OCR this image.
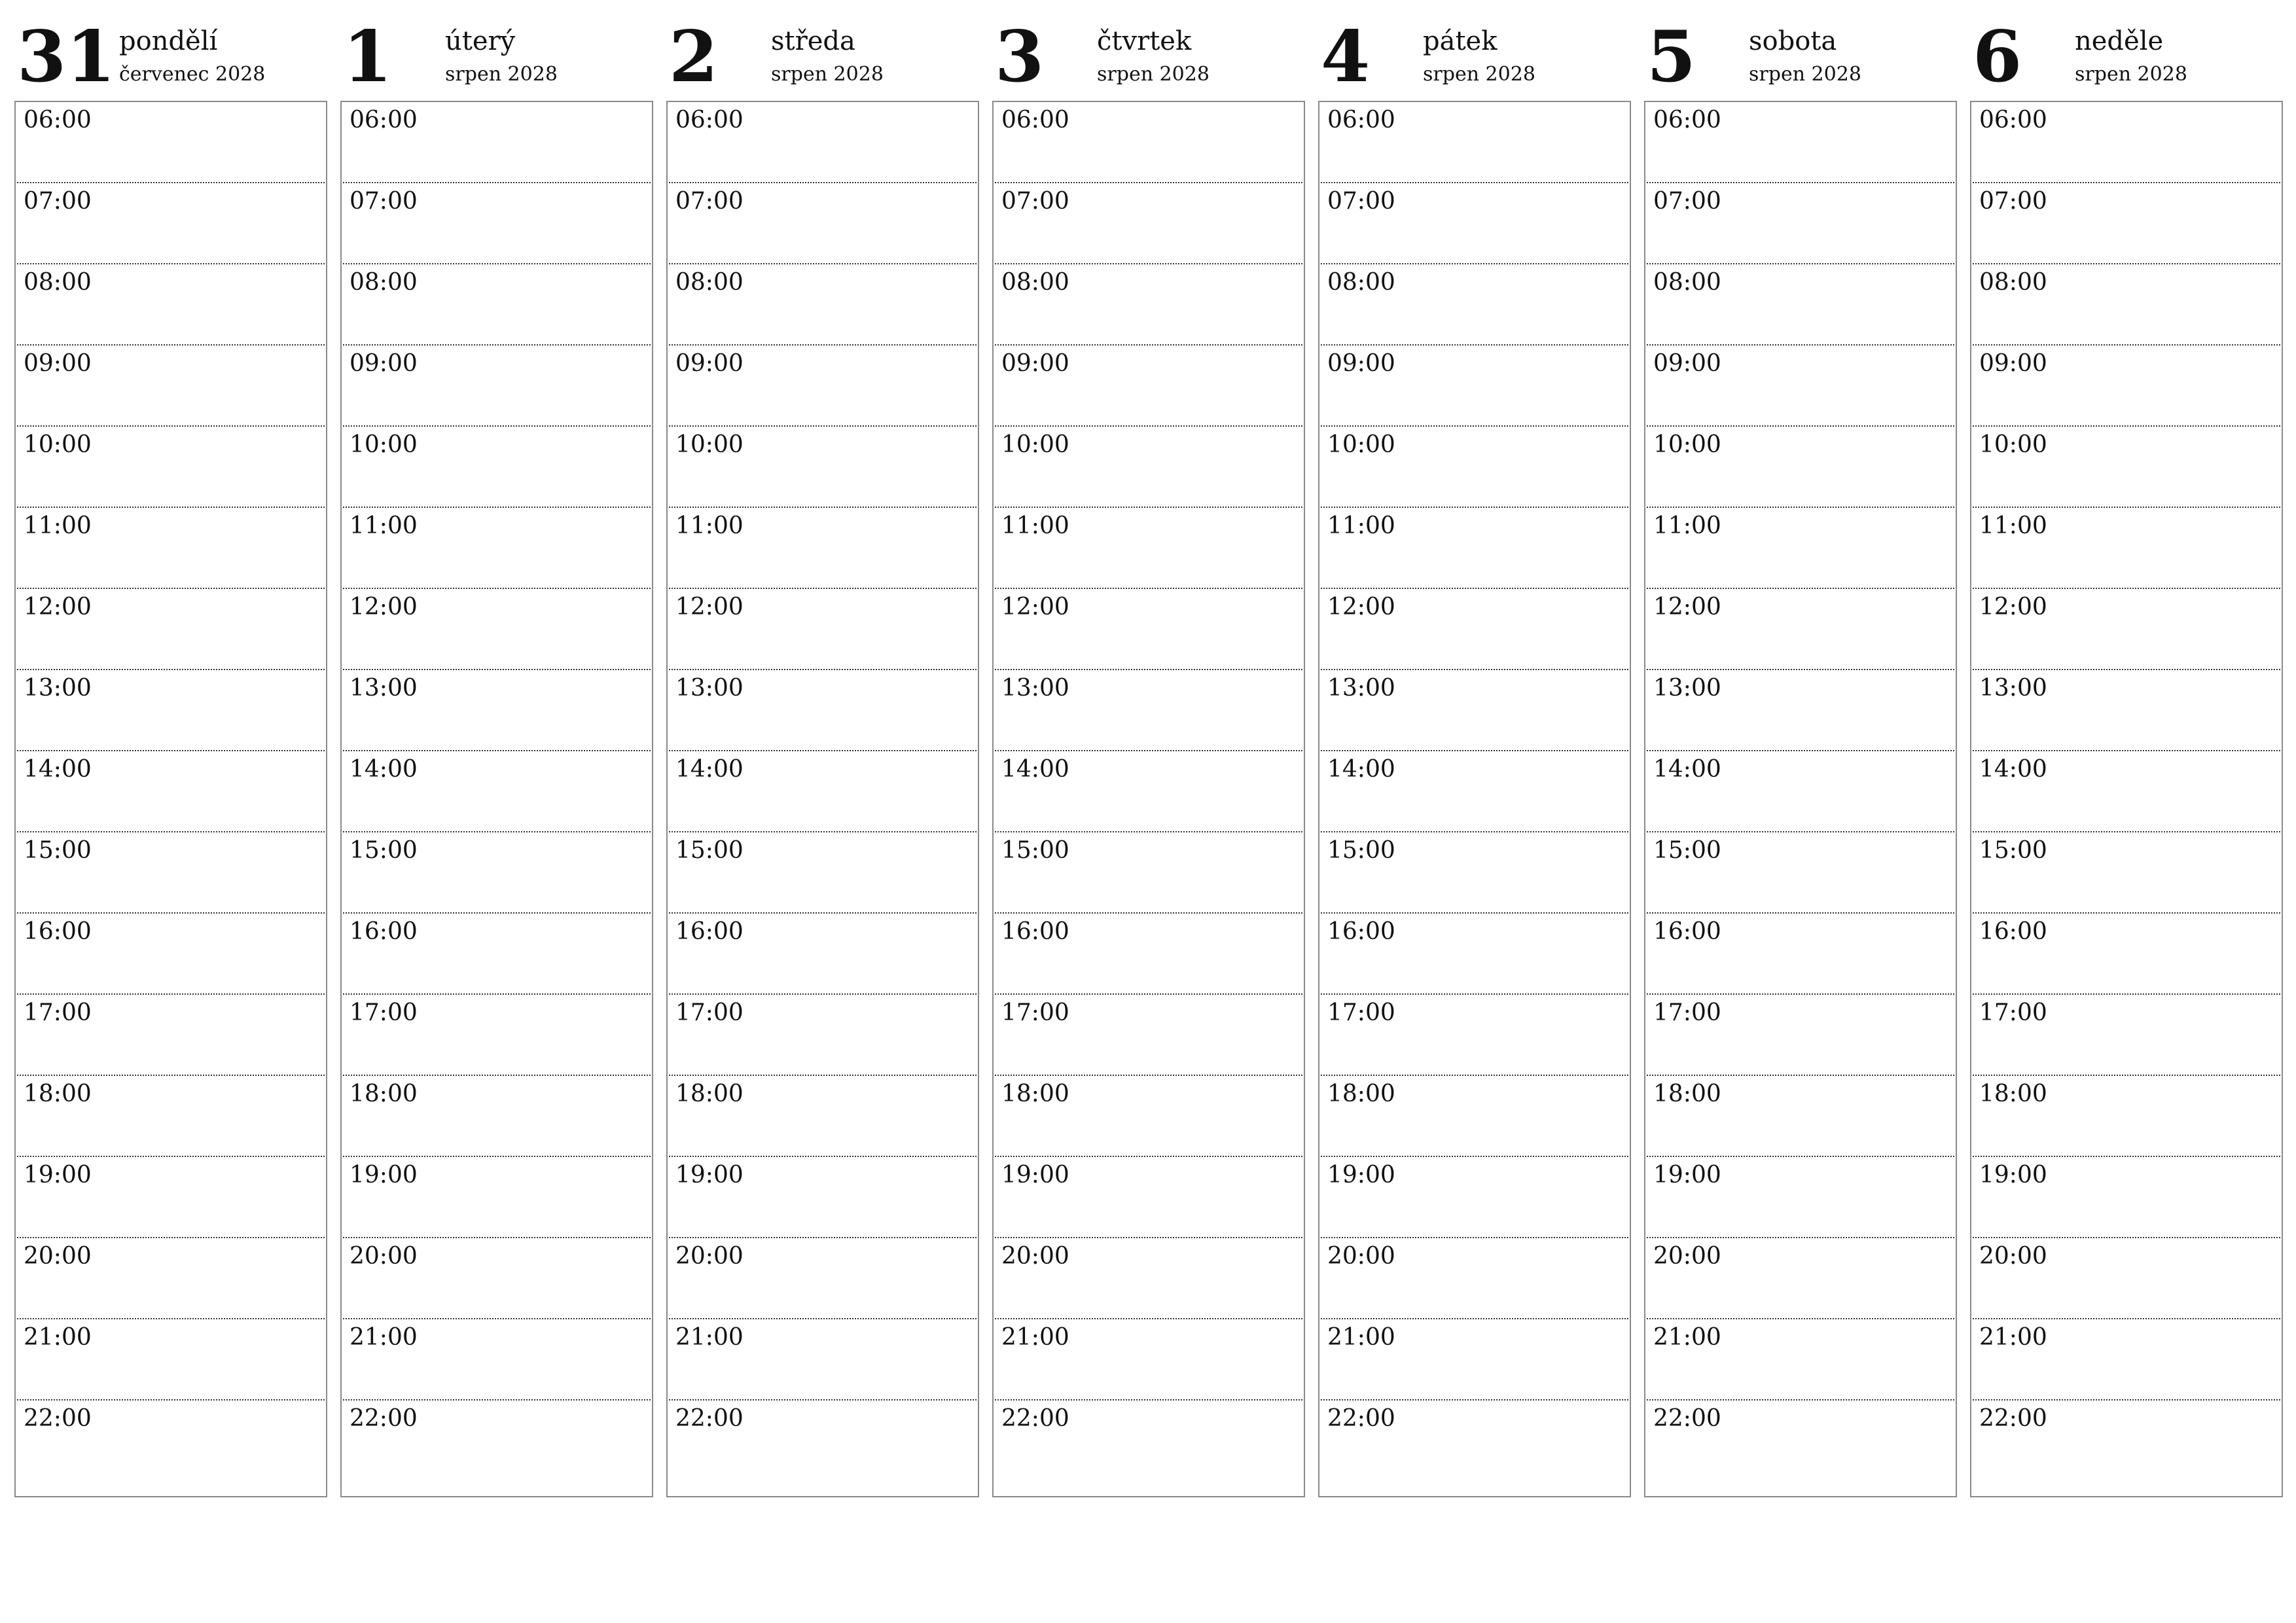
31 pondělí
červenec 2028
06:00
07:00
08:00
09:00
10:00
11:00
12:00
13:00
14:00
15:00
16:00
17:00
18:00
19:00
20:00
21:00
22:00
1 úterý
srpen 2028
06:00
07:00
08:00
09:00
10:00
11:00
12:00
13:00
14:00
15:00
16:00
17:00
18:00
19:00
20:00
21:00
22:00
2 středa
srpen 2028
06:00
07:00
08:00
09:00
10:00
11:00
12:00
13:00
14:00
15:00
16:00
17:00
18:00
19:00
20:00
21:00
22:00
3 čtvrtek
srpen 2028
06:00
07:00
08:00
09:00
10:00
11:00
12:00
13:00
14:00
15:00
16:00
17:00
18:00
19:00
20:00
21:00
22:00
4 pátek
srpen 2028
06:00
07:00
08:00
09:00
10:00
11:00
12:00
13:00
14:00
15:00
16:00
17:00
18:00
19:00
20:00
21:00
22:00
5 sobota
srpen 2028
06:00
07:00
08:00
09:00
10:00
11:00
12:00
13:00
14:00
15:00
16:00
17:00
18:00
19:00
20:00
21:00
22:00
6 neděle
srpen 2028
06:00
07:00
08:00
09:00
10:00
11:00
12:00
13:00
14:00
15:00
16:00
17:00
18:00
19:00
20:00
21:00
22:00
